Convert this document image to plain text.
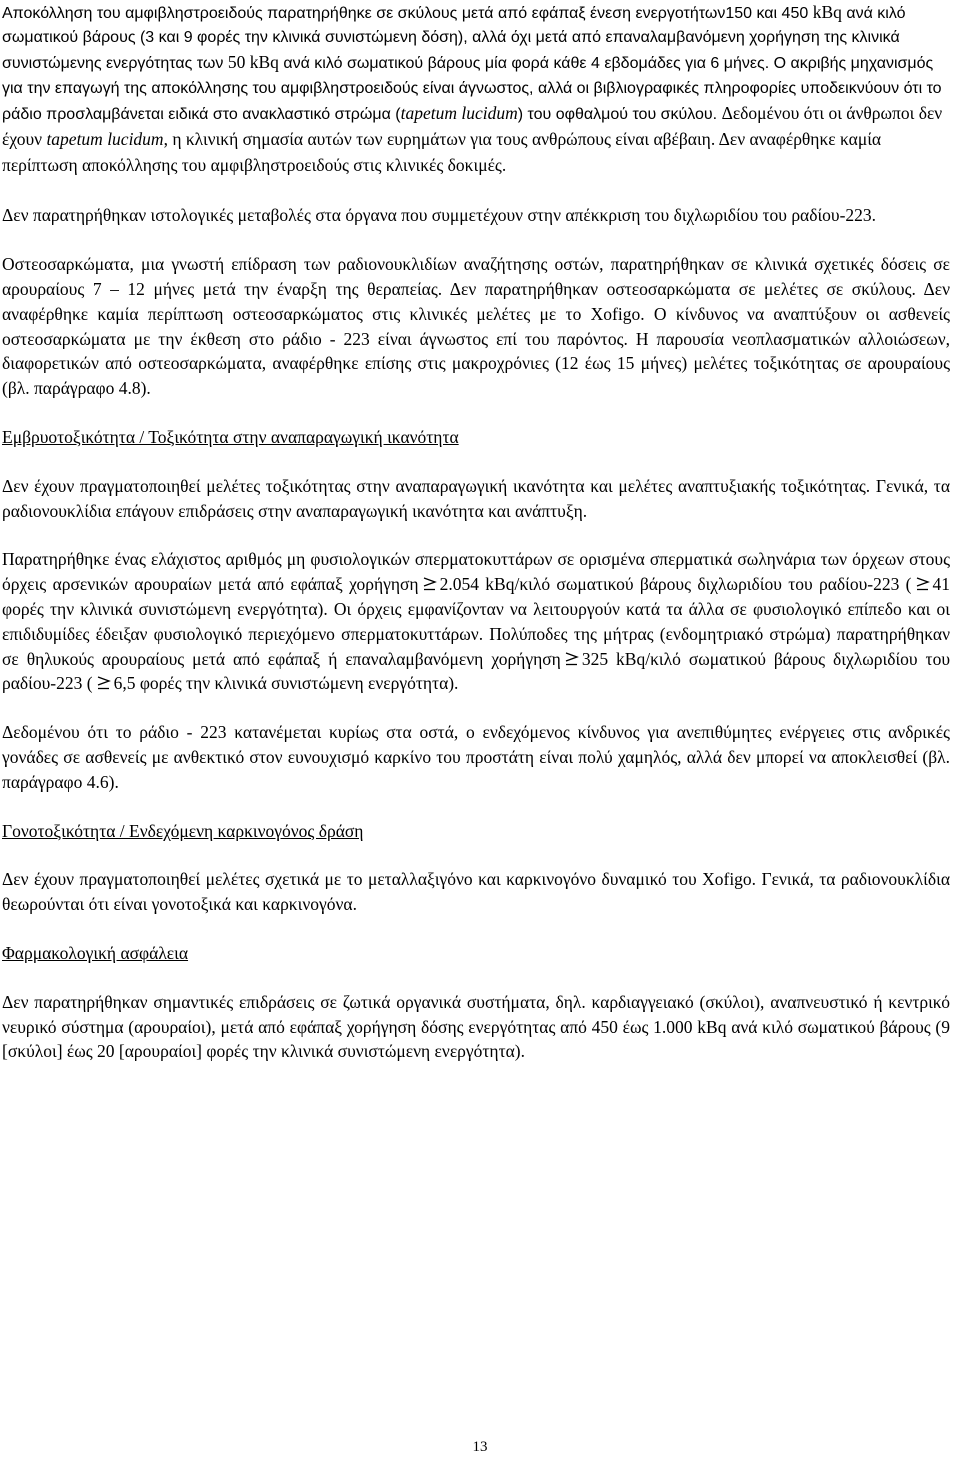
Αποκόλληση του αμφιβληστροειδούς παρατηρήθηκε σε σκύλους μετά από εφάπαξ ένεση ενεργοτήτων150 και 450 kBq ανά κιλό σωματικού βάρους (3 και 9 φορές την κλινικά συνιστώμενη δόση), αλλά όχι μετά από επαναλαμβανόμενη χορήγηση της κλινικά συνιστώμενης ενεργότητας των 50 kBq ανά κιλό σωματικού βάρους μία φορά κάθε 4 εβδομάδες για 6 μήνες. Ο ακριβής μηχανισμός για την επαγωγή της αποκόλλησης του αμφιβληστροειδούς είναι άγνωστος, αλλά οι βιβλιογραφικές πληροφορίες υποδεικνύουν ότι το ράδιο προσλαμβάνεται ειδικά στο ανακλαστικό στρώμα (tapetum lucidum) του οφθαλμού του σκύλου. Δεδομένου ότι οι άνθρωποι δεν έχουν tapetum lucidum, η κλινική σημασία αυτών των ευρημάτων για τους ανθρώπους είναι αβέβαιη. Δεν αναφέρθηκε καμία περίπτωση αποκόλλησης του αμφιβληστροειδούς στις κλινικές δοκιμές.

Δεν παρατηρήθηκαν ιστολογικές μεταβολές στα όργανα που συμμετέχουν στην απέκκριση του διχλωριδίου του ραδίου-223.

Οστεοσαρκώματα, μια γνωστή επίδραση των ραδιονουκλιδίων αναζήτησης οστών, παρατηρήθηκαν σε κλινικά σχετικές δόσεις σε αρουραίους 7 – 12 μήνες μετά την έναρξη της θεραπείας. Δεν παρατηρήθηκαν οστεοσαρκώματα σε μελέτες σε σκύλους. Δεν αναφέρθηκε καμία περίπτωση οστεοσαρκώματος στις κλινικές μελέτες με το Xofigo. Ο κίνδυνος να αναπτύξουν οι ασθενείς οστεοσαρκώματα με την έκθεση στο ράδιο - 223 είναι άγνωστος επί του παρόντος. Η παρουσία νεοπλασματικών αλλοιώσεων, διαφορετικών από οστεοσαρκώματα, αναφέρθηκε επίσης στις μακροχρόνιες (12 έως 15 μήνες) μελέτες τοξικότητας σε αρουραίους (βλ. παράγραφο 4.8).

Εμβρυοτοξικότητα / Τοξικότητα στην αναπαραγωγική ικανότητα

Δεν έχουν πραγματοποιηθεί μελέτες τοξικότητας στην αναπαραγωγική ικανότητα και μελέτες αναπτυξιακής τοξικότητας. Γενικά, τα ραδιονουκλίδια επάγουν επιδράσεις στην αναπαραγωγική ικανότητα και ανάπτυξη.

Παρατηρήθηκε ένας ελάχιστος αριθμός μη φυσιολογικών σπερματοκυττάρων σε ορισμένα σπερματικά σωληνάρια των όρχεων στους όρχεις αρσενικών αρουραίων μετά από εφάπαξ χορήγηση 2.054 kBq/κιλό σωματικού βάρους διχλωριδίου του ραδίου-223 ( 41 φορές την κλινικά συνιστώμενη ενεργότητα). Οι όρχεις εμφανίζονταν να λειτουργούν κατά τα άλλα σε φυσιολογικό επίπεδο και οι επιδιδυμίδες έδειξαν φυσιολογικό περιεχόμενο σπερματοκυττάρων. Πολύποδες της μήτρας (ενδομητριακό στρώμα) παρατηρήθηκαν σε θηλυκούς αρουραίους μετά από εφάπαξ ή επαναλαμβανόμενη χορήγηση 325 kBq/κιλό σωματικού βάρους διχλωριδίου του ραδίου-223 ( 6,5 φορές την κλινικά συνιστώμενη ενεργότητα).

Δεδομένου ότι το ράδιο - 223 κατανέμεται κυρίως στα οστά, ο ενδεχόμενος κίνδυνος για ανεπιθύμητες ενέργειες στις ανδρικές γονάδες σε ασθενείς με ανθεκτικό στον ευνουχισμό καρκίνο του προστάτη είναι πολύ χαμηλός, αλλά δεν μπορεί να αποκλεισθεί (βλ. παράγραφο 4.6).

Γονοτοξικότητα / Ενδεχόμενη καρκινογόνος δράση

Δεν έχουν πραγματοποιηθεί μελέτες σχετικά με το μεταλλαξιγόνο και καρκινογόνο δυναμικό του Xofigo. Γενικά, τα ραδιονουκλίδια θεωρούνται ότι είναι γονοτοξικά και καρκινογόνα.

Φαρμακολογική ασφάλεια

Δεν παρατηρήθηκαν σημαντικές επιδράσεις σε ζωτικά οργανικά συστήματα, δηλ. καρδιαγγειακό (σκύλοι), αναπνευστικό ή κεντρικό νευρικό σύστημα (αρουραίοι), μετά από εφάπαξ χορήγηση δόσης ενεργότητας από 450 έως 1.000 kBq ανά κιλό σωματικού βάρους (9 [σκύλοι] έως 20 [αρουραίοι] φορές την κλινικά συνιστώμενη ενεργότητα).

13
